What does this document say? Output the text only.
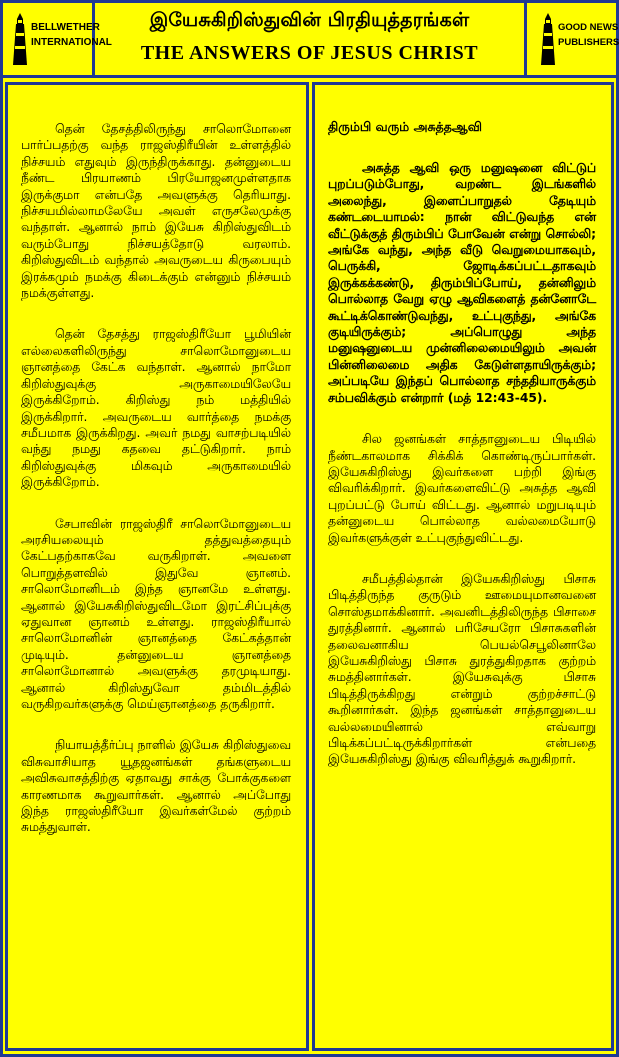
BELLWETHER
INTERNATIONAL
இயேசுகிறிஸ்துவின் பிரதியுத்தரங்கள்
THE ANSWERS OF JESUS CHRIST
GOOD NEWS
PUBLISHERS

தென் தேசத்திலிருந்து சாலொமோனை பார்ப்பதற்கு வந்த ராஜஸ்திரீயின் உள்ளத்தில் நிச்சயம் எதுவும் இருந்திருக்காது. தன்னுடைய நீண்ட பிரயாணம் பிரயோஜனமுள்ளதாக இருக்குமா என்பதே அவளுக்கு தெரியாது. நிச்சயமில்லாமலேயே அவள் எருசலேமுக்கு வந்தாள். ஆனால் நாம் இயேசு கிறிஸ்துவிடம் வரும்போது நிச்சயத்தோடு வரலாம். கிறிஸ்துவிடம் வந்தால் அவருடைய கிருபையும் இரக்கமும் நமக்கு கிடைக்கும் என்னும் நிச்சயம் நமக்குள்ளது.

தென் தேசத்து ராஜஸ்திரீயோ பூமியின் எல்லைகளிலிருந்து சாலொமோனுடைய ஞானத்தை கேட்க வந்தாள். ஆனால் நாமோ கிறிஸ்துவுக்கு அருகாமையிலேயே இருக்கிறோம். கிறிஸ்து நம் மத்தியில் இருக்கிறார். அவருடைய வார்த்தை நமக்கு சமீபமாக இருக்கிறது. அவர் நமது வாசற்படியில் வந்து நமது கதவை தட்டுகிறார். நாம் கிறிஸ்துவுக்கு மிகவும் அருகாமையில் இருக்கிறோம்.

சேபாவின் ராஜஸ்திரீ சாலொமோனுடைய அரசியலையும் தத்துவத்தையும் கேட்பதற்காகவே வருகிறாள். அவளை பொறுத்தளவில் இதுவே ஞானம். சாலொமோனிடம் இந்த ஞானமே உள்ளது. ஆனால் இயேசுகிறிஸ்துவிடமோ இரட்சிப்புக்கு ஏதுவான ஞானம் உள்ளது. ராஜஸ்திரீயால் சாலொமோனின் ஞானத்தை கேட்கத்தான் முடியும். தன்னுடைய ஞானத்தை சாலொமோனால் அவளுக்கு தரமுடியாது. ஆனால் கிறிஸ்துவோ தம்மிடத்தில் வருகிறவர்களுக்கு மெய்ஞானத்தை தருகிறார்.

நியாயத்தீர்ப்பு நாளில் இயேசு கிறிஸ்துவை விசுவாசியாத யூதஜனங்கள் தங்களுடைய அவிசுவாசத்திற்கு ஏதாவது சாக்கு போக்குகளை காரணமாக கூறுவார்கள். ஆனால் அப்போது இந்த ராஜஸ்திரீயோ இவர்கள்மேல் குற்றம் சுமத்துவாள்.

திரும்பி வரும் அசுத்தஆவி

அசுத்த ஆவி ஒரு மனுஷனை விட்டுப் புறப்படும்போது, வறண்ட இடங்களில் அலைந்து, இளைப்பாறுதல் தேடியும் கண்டடையாமல்: நான் விட்டுவந்த என் வீட்டுக்குத் திரும்பிப் போவேன் என்று சொல்லி; அங்கே வந்து, அந்த வீடு வெறுமையாகவும், பெருக்கி, ஜோடிக்கப்பட்டதாகவும் இருக்கக்கண்டு, திரும்பிப்போய், தன்னிலும் பொல்லாத வேறு ஏழு ஆவிகளைத் தன்னோடே கூட்டிக்கொண்டுவந்து, உட்புகுந்து, அங்கே குடியிருக்கும்; அப்பொழுது அந்த மனுஷனுடைய முன்னிலைமையிலும் அவன் பின்னிலைமை அதிக கேடுள்ளதாயிருக்கும்; அப்படியே இந்தப் பொல்லாத சந்ததியாருக்கும் சம்பவிக்கும் என்றார் (மத் 12:43-45).

சில ஜனங்கள் சாத்தானுடைய பிடியில் நீண்டகாலமாக சிக்கிக் கொண்டிருப்பார்கள். இயேசுகிறிஸ்து இவர்களை பற்றி இங்கு விவரிக்கிறார். இவர்களைவிட்டு அசுத்த ஆவி புறப்பட்டு போய் விட்டது. ஆனால் மறுபடியும் தன்னுடைய பொல்லாத வல்லமையோடு இவர்களுக்குள் உட்புகுந்துவிட்டது.

சமீபத்தில்தான் இயேசுகிறிஸ்து பிசாசு பிடித்திருந்த குருடும் ஊமையுமானவனை சொஸ்தமாக்கினார். அவனிடத்திலிருந்த பிசாசை துரத்தினார். ஆனால் பரிசேயரோ பிசாசுகளின் தலைவனாகிய பெயல்செபூலினாலே இயேசுகிறிஸ்து பிசாசு துரத்துகிறதாக குற்றம் சுமத்தினார்கள். இயேசுவுக்கு பிசாசு பிடித்திருக்கிறது என்றும் குற்றச்சாட்டு கூறினார்கள். இந்த ஜனங்கள் சாத்தானுடைய வல்லமையினால் எவ்வாறு பிடிக்கப்பட்டிருக்கிறார்கள் என்பதை இயேசுகிறிஸ்து இங்கு விவரித்துக் கூறுகிறார்.
